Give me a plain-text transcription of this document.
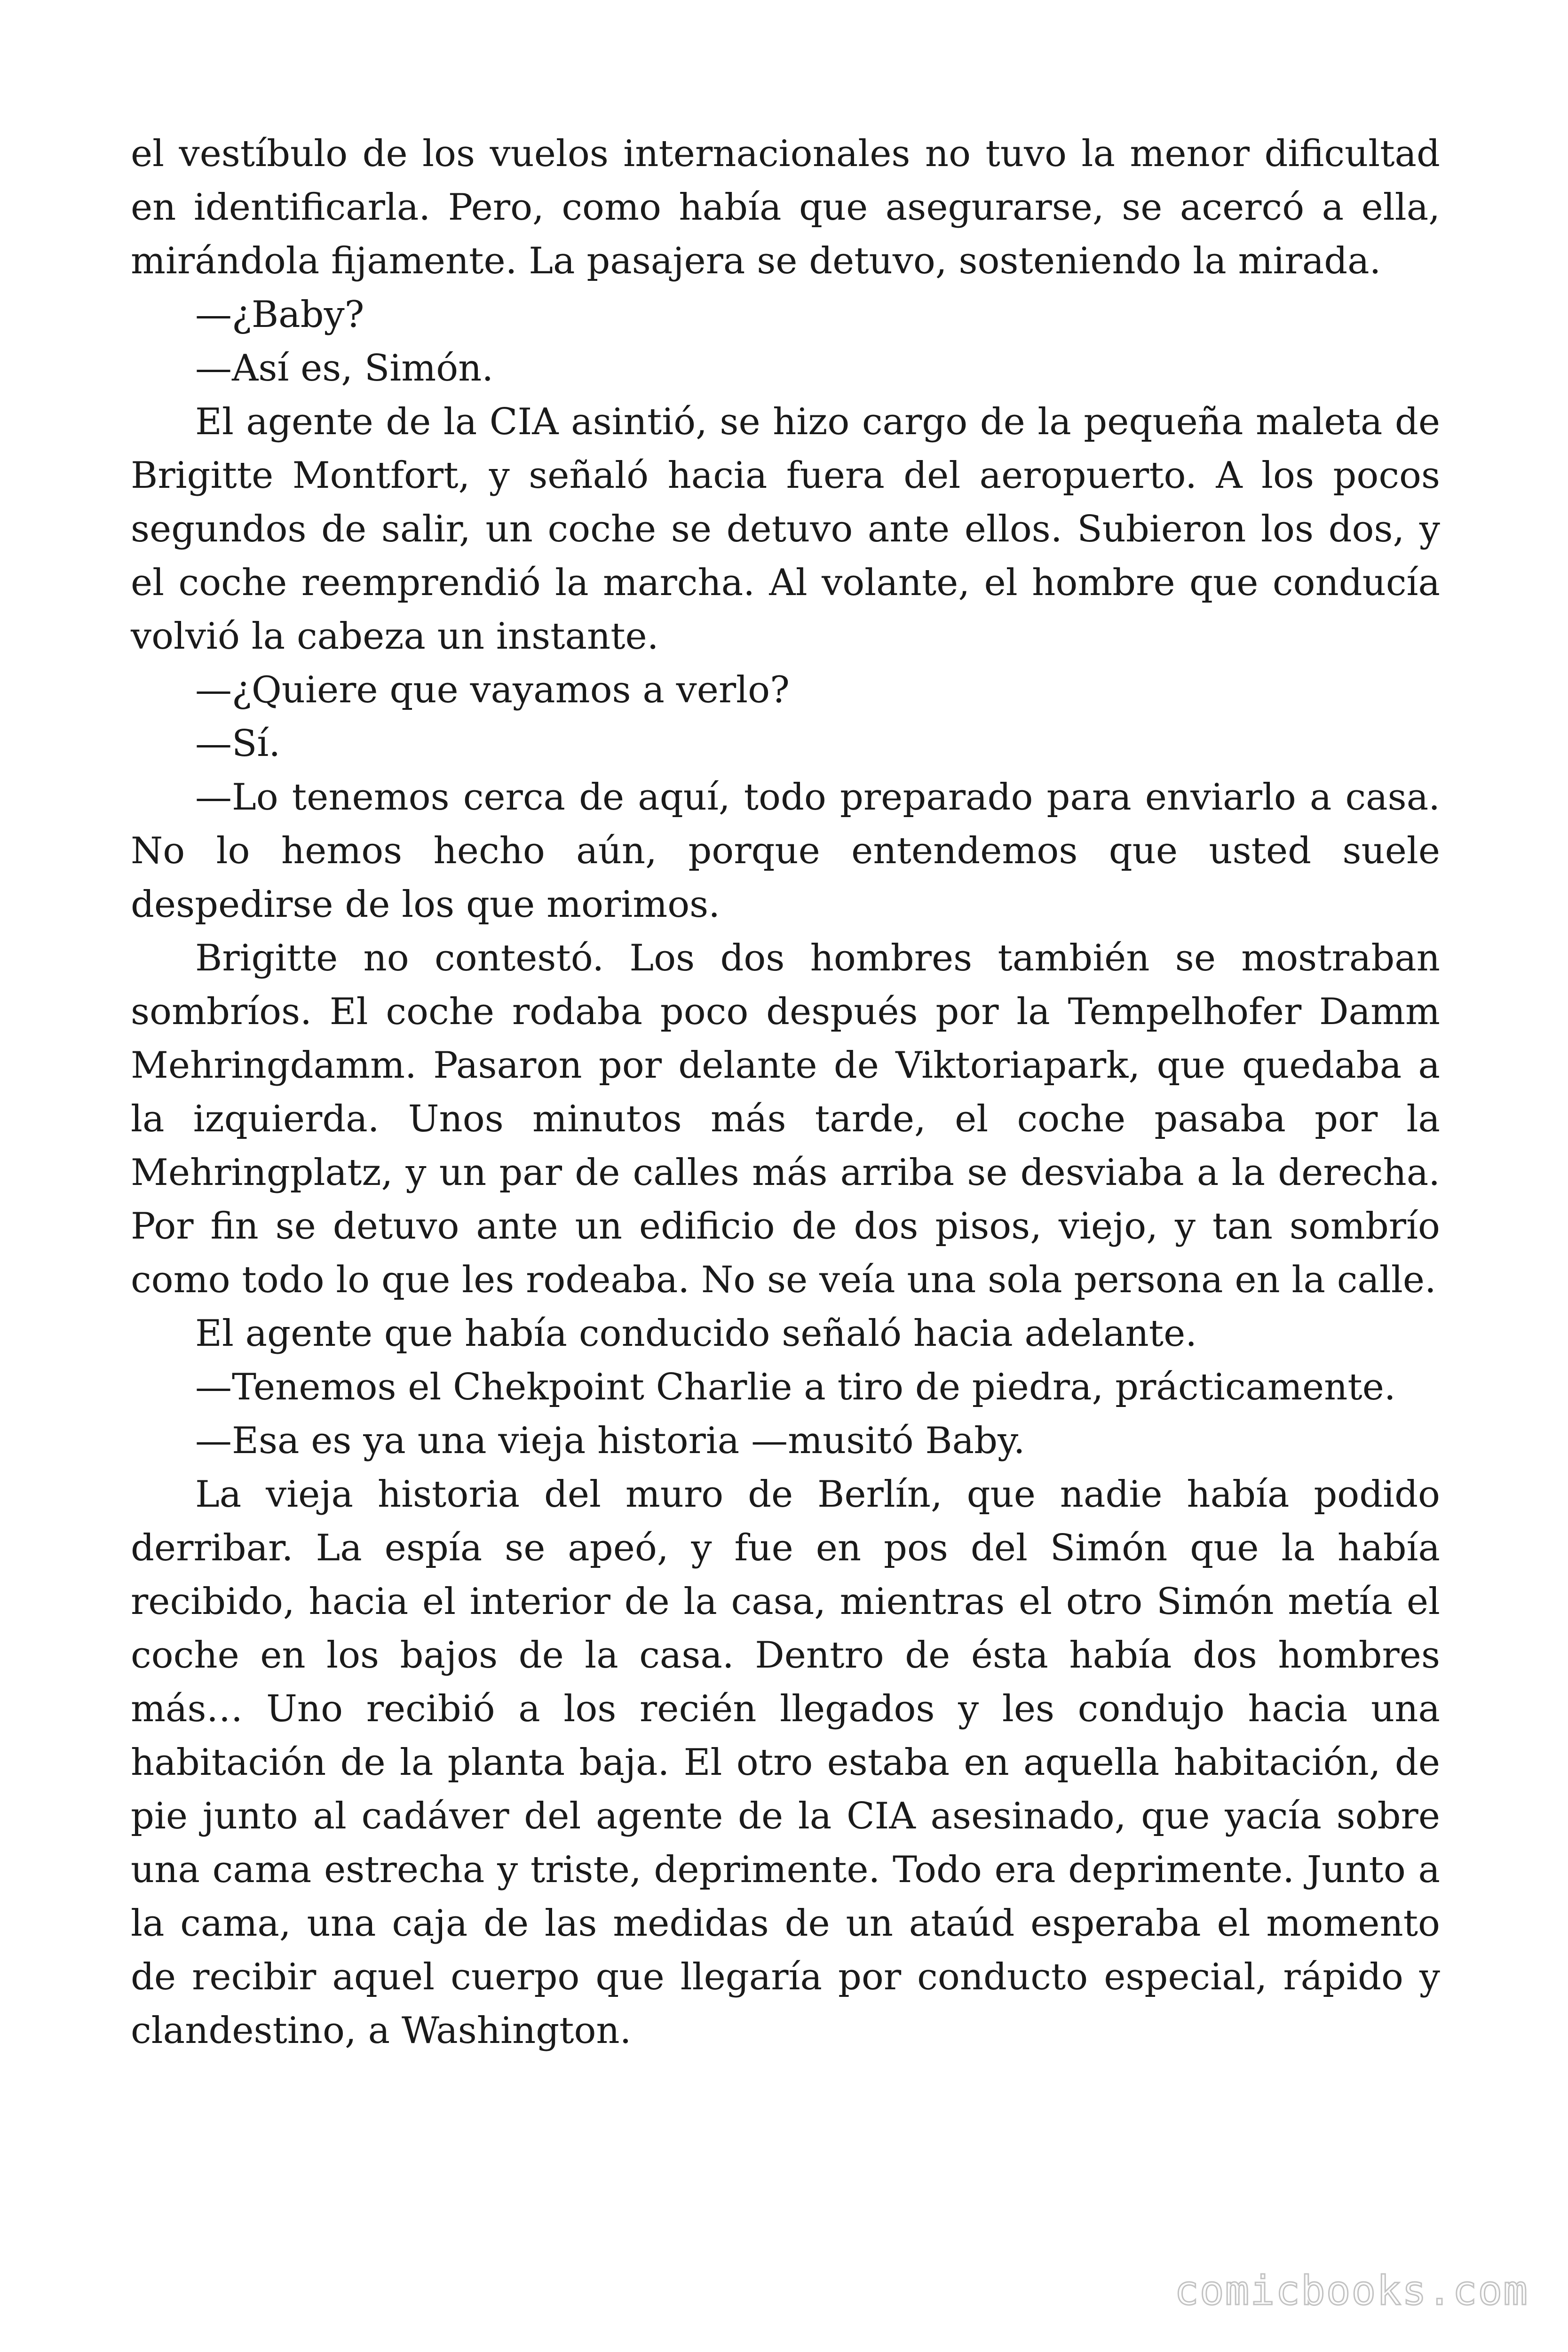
el vestíbulo de los vuelos internacionales no tuvo la menor dificultad en identificarla. Pero, como había que asegurarse, se acercó a ella, mirándola fijamente. La pasajera se detuvo, sosteniendo la mirada.

—¿Baby?

—Así es, Simón.

El agente de la CIA asintió, se hizo cargo de la pequeña maleta de Brigitte Montfort, y señaló hacia fuera del aeropuerto. A los pocos segundos de salir, un coche se detuvo ante ellos. Subieron los dos, y el coche reemprendió la marcha. Al volante, el hombre que conducía volvió la cabeza un instante.

—¿Quiere que vayamos a verlo?

—Sí.

—Lo tenemos cerca de aquí, todo preparado para enviarlo a casa. No lo hemos hecho aún, porque entendemos que usted suele despedirse de los que morimos.

Brigitte no contestó. Los dos hombres también se mostraban sombríos. El coche rodaba poco después por la Tempelhofer Damm Mehringdamm. Pasaron por delante de Viktoriapark, que quedaba a la izquierda. Unos minutos más tarde, el coche pasaba por la Mehringplatz, y un par de calles más arriba se desviaba a la derecha. Por fin se detuvo ante un edificio de dos pisos, viejo, y tan sombrío como todo lo que les rodeaba. No se veía una sola persona en la calle.

El agente que había conducido señaló hacia adelante.

—Tenemos el Chekpoint Charlie a tiro de piedra, prácticamente.

—Esa es ya una vieja historia —musitó Baby.

La vieja historia del muro de Berlín, que nadie había podido derribar. La espía se apeó, y fue en pos del Simón que la había recibido, hacia el interior de la casa, mientras el otro Simón metía el coche en los bajos de la casa. Dentro de ésta había dos hombres más… Uno recibió a los recién llegados y les condujo hacia una habitación de la planta baja. El otro estaba en aquella habitación, de pie junto al cadáver del agente de la CIA asesinado, que yacía sobre una cama estrecha y triste, deprimente. Todo era deprimente. Junto a la cama, una caja de las medidas de un ataúd esperaba el momento de recibir aquel cuerpo que llegaría por conducto especial, rápido y clandestino, a Washington.

comicbooks.com
